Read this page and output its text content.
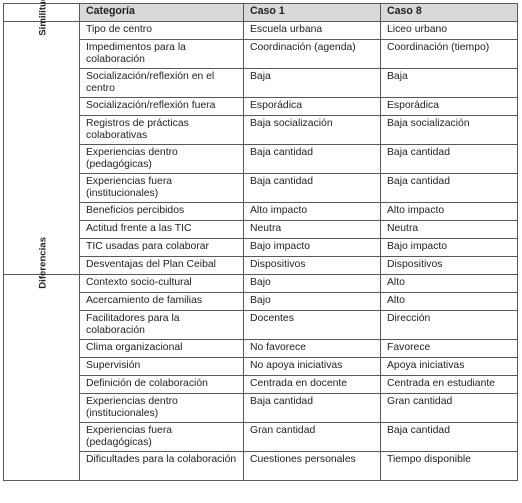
	Categoría	Caso 1	Caso 8

	Tipo de centro	Escuela urbana	Liceo urbano
	Impedimentos para la colaboración	Coordinación (agenda)	Coordinación (tiempo)
	Socialización/reflexión en el centro	Baja	Baja
	Socialización/reflexión fuera	Esporádica	Esporádica
	Registros de prácticas colaborativas	Baja socialización	Baja socialización
	Experiencias dentro (pedagógicas)	Baja cantidad	Baja cantidad
	Experiencias fuera (institucionales)	Baja cantidad	Baja cantidad
	Beneficios percibidos	Alto impacto	Alto impacto
	Actitud frente a las TIC	Neutra	Neutra
	TIC usadas para colaborar	Bajo impacto	Bajo impacto
	Desventajas del Plan Ceibal	Dispositivos	Dispositivos

Diferencias	Contexto socio-cultural	Bajo	Alto
	Acercamiento de familias	Bajo	Alto
	Facilitadores para la colaboración	Docentes	Dirección
	Clima organizacional	No favorece	Favorece
	Supervisión	No apoya iniciativas	Apoya iniciativas
	Definición de colaboración	Centrada en docente	Centrada en estudiante
	Experiencias dentro (institucionales)	Baja cantidad	Gran cantidad
	Experiencias fuera (pedagógicas)	Gran cantidad	Baja cantidad
	Dificultades para la colaboración	Cuestiones personales	Tiempo disponible
